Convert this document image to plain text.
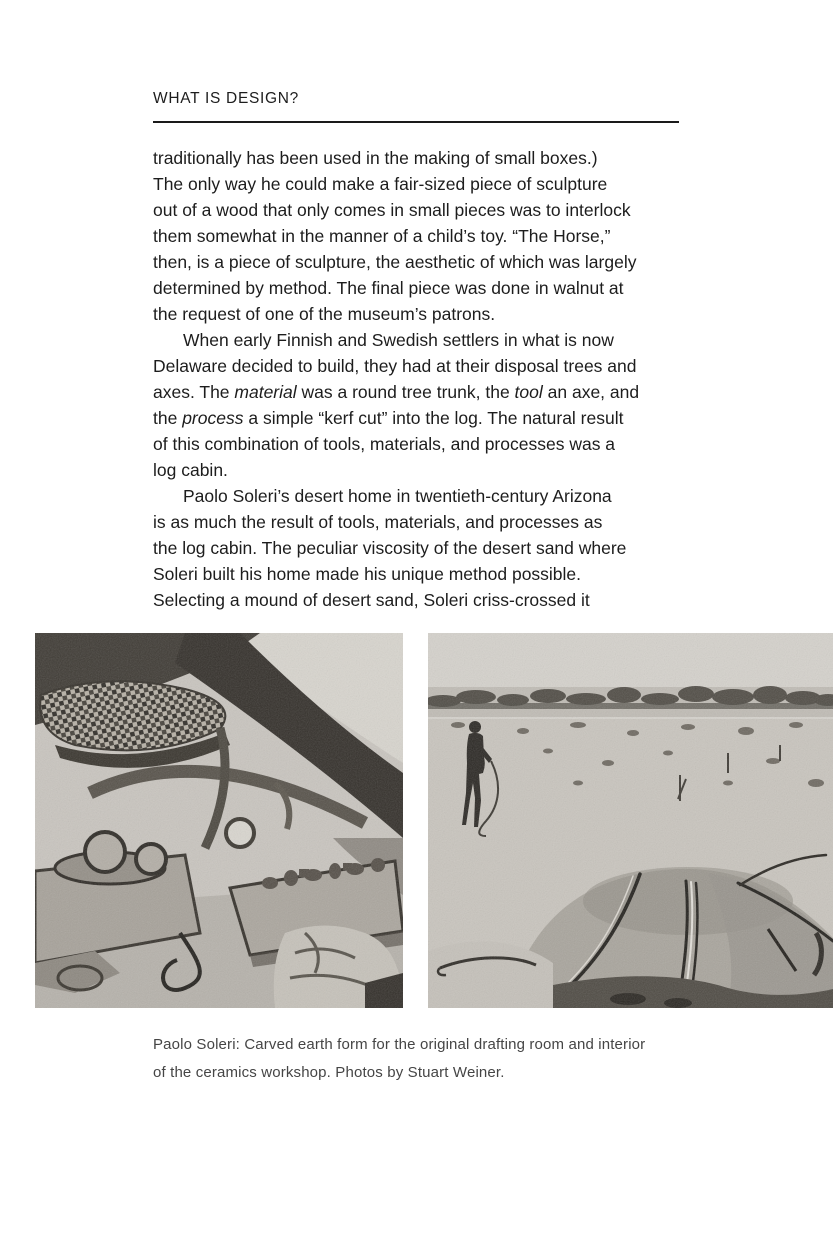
WHAT IS DESIGN?
traditionally has been used in the making of small boxes.)
The only way he could make a fair-sized piece of sculpture
out of a wood that only comes in small pieces was to interlock
them somewhat in the manner of a child’s toy. “The Horse,”
then, is a piece of sculpture, the aesthetic of which was largely
determined by method. The final piece was done in walnut at
the request of one of the museum’s patrons.
When early Finnish and Swedish settlers in what is now
Delaware decided to build, they had at their disposal trees and
axes. The material was a round tree trunk, the tool an axe, and
the process a simple “kerf cut” into the log. The natural result
of this combination of tools, materials, and processes was a
log cabin.
Paolo Soleri’s desert home in twentieth-century Arizona
is as much the result of tools, materials, and processes as
the log cabin. The peculiar viscosity of the desert sand where
Soleri built his home made his unique method possible.
Selecting a mound of desert sand, Soleri criss-crossed it

Paolo Soleri: Carved earth form for the original drafting room and interior
of the ceramics workshop. Photos by Stuart Weiner.
